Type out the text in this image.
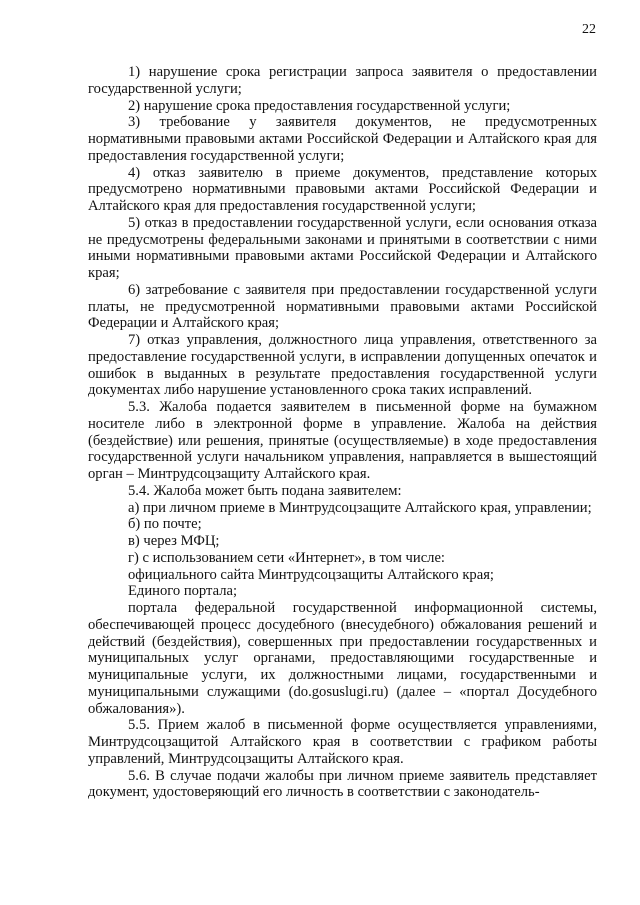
22

1) нарушение срока регистрации запроса заявителя о предоставлении государственной услуги;

2) нарушение срока предоставления государственной услуги;

3) требование у заявителя документов, не предусмотренных нормативными правовыми актами Российской Федерации и Алтайского края для предоставления государственной услуги;

4) отказ заявителю в приеме документов, представление которых предусмотрено нормативными правовыми актами Российской Федерации и Алтайского края для предоставления государственной услуги;

5) отказ в предоставлении государственной услуги, если основания отказа не предусмотрены федеральными законами и принятыми в соответствии с ними иными нормативными правовыми актами Российской Федерации и Алтайского края;

6) затребование с заявителя при предоставлении государственной услуги платы, не предусмотренной нормативными правовыми актами Российской Федерации и Алтайского края;

7) отказ управления, должностного лица управления, ответственного за предоставление государственной услуги, в исправлении допущенных опечаток и ошибок в выданных в результате предоставления государственной услуги документах либо нарушение установленного срока таких исправлений.

5.3. Жалоба подается заявителем в письменной форме на бумажном носителе либо в электронной форме в управление. Жалоба на действия (бездействие) или решения, принятые (осуществляемые) в ходе предоставления государственной услуги начальником управления, направляется в вышестоящий орган – Минтрудсоцзащиту Алтайского края.

5.4. Жалоба может быть подана заявителем:

а) при личном приеме в Минтрудсоцзащите Алтайского края, управлении;

б) по почте;

в) через МФЦ;

г) с использованием сети «Интернет», в том числе:

официального сайта Минтрудсоцзащиты Алтайского края;

Единого портала;

портала федеральной государственной информационной системы, обеспечивающей процесс досудебного (внесудебного) обжалования решений и действий (бездействия), совершенных при предоставлении государственных и муниципальных услуг органами, предоставляющими государственные и муниципальные услуги, их должностными лицами, государственными и муниципальными служащими (do.gosuslugi.ru) (далее – «портал Досудебного обжалования»).

5.5. Прием жалоб в письменной форме осуществляется управлениями, Минтрудсоцзащитой Алтайского края в соответствии с графиком работы управлений, Минтрудсоцзащиты Алтайского края.

5.6. В случае подачи жалобы при личном приеме заявитель представляет документ, удостоверяющий его личность в соответствии с законодатель-
